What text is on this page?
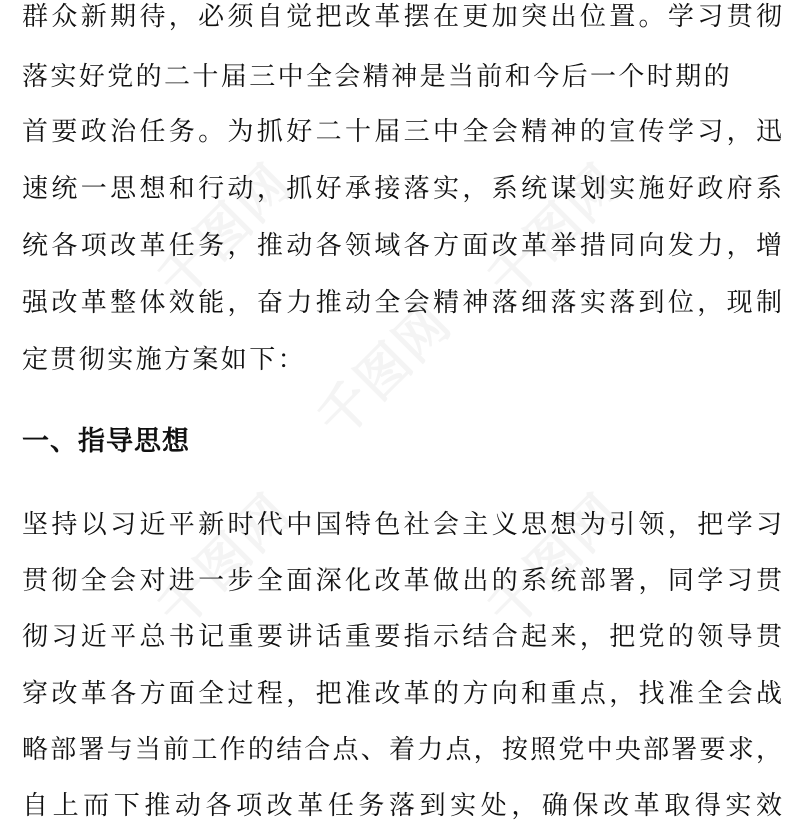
千图网	千图网
千图网
千图网	千图网
群众新期待，必须自觉把改革摆在更加突出位置。学习贯彻
落实好党的二十届三中全会精神是当前和今后一个时期的
首要政治任务。为抓好二十届三中全会精神的宣传学习，迅
速统一思想和行动，抓好承接落实，系统谋划实施好政府系
统各项改革任务，推动各领域各方面改革举措同向发力，增
强改革整体效能，奋力推动全会精神落细落实落到位，现制
定贯彻实施方案如下：
一、指导思想
坚持以习近平新时代中国特色社会主义思想为引领，把学习
贯彻全会对进一步全面深化改革做出的系统部署，同学习贯
彻习近平总书记重要讲话重要指示结合起来，把党的领导贯
穿改革各方面全过程，把准改革的方向和重点，找准全会战
略部署与当前工作的结合点、着力点，按照党中央部署要求，
自上而下推动各项改革任务落到实处，确保改革取得实效
